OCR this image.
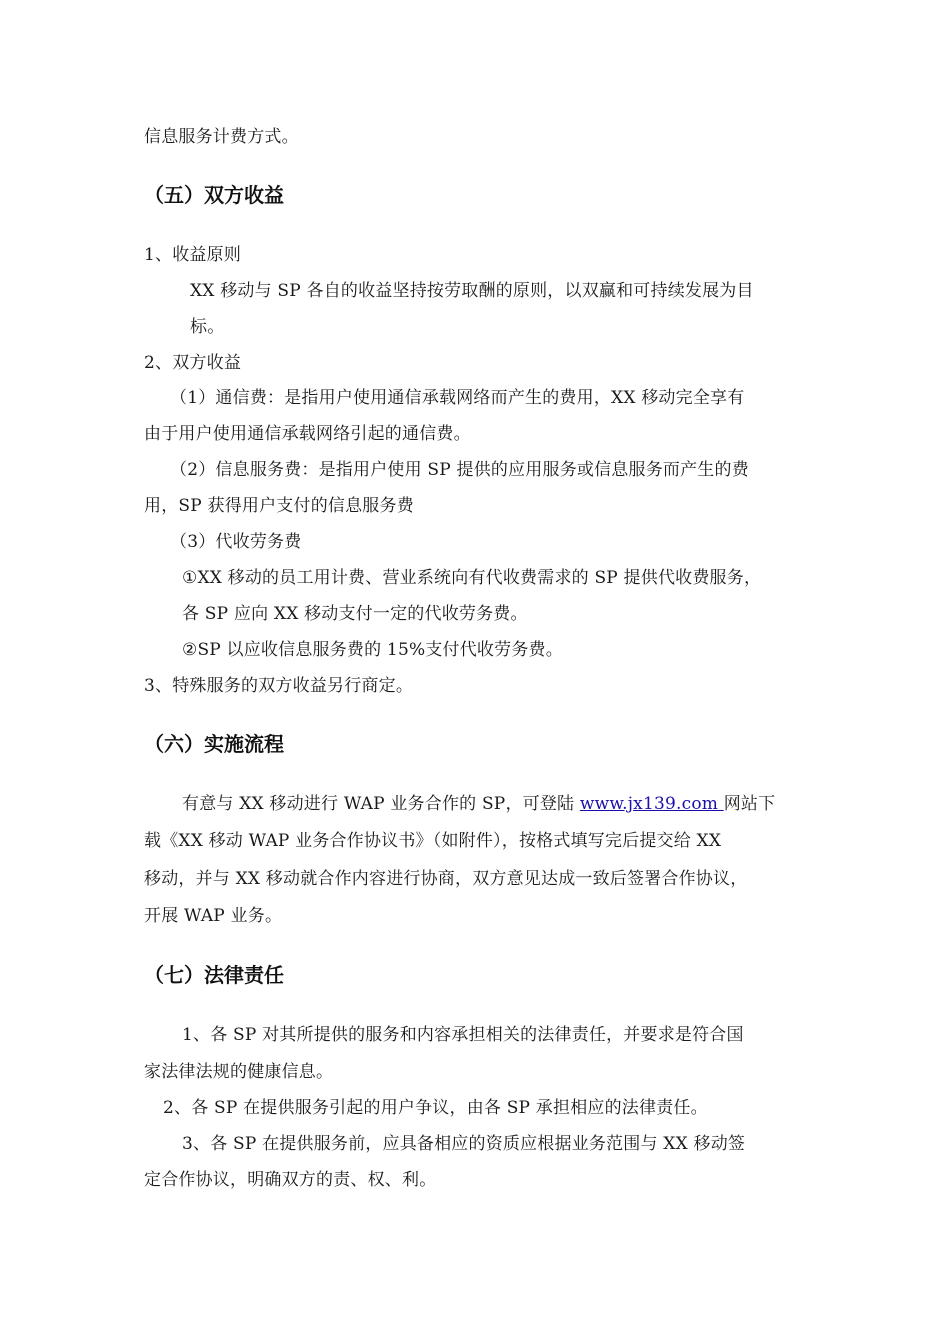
信息服务计费方式。
（五）双方收益
1、收益原则
XX 移动与 SP 各自的收益坚持按劳取酬的原则，以双赢和可持续发展为目
标。
2、双方收益
（1）通信费：是指用户使用通信承载网络而产生的费用，XX 移动完全享有
由于用户使用通信承载网络引起的通信费。
（2）信息服务费：是指用户使用 SP 提供的应用服务或信息服务而产生的费
用，SP 获得用户支付的信息服务费
（3）代收劳务费
①XX 移动的员工用计费、营业系统向有代收费需求的 SP 提供代收费服务，
各 SP 应向 XX 移动支付一定的代收劳务费。
②SP 以应收信息服务费的 15%支付代收劳务费。
3、特殊服务的双方收益另行商定。
（六）实施流程
有意与 XX 移动进行 WAP 业务合作的 SP，可登陆 www.jx139.com 网站下
载《XX 移动 WAP 业务合作协议书》（如附件），按格式填写完后提交给 XX
移动，并与 XX 移动就合作内容进行协商，双方意见达成一致后签署合作协议，
开展 WAP 业务。
（七）法律责任
1、各 SP 对其所提供的服务和内容承担相关的法律责任，并要求是符合国
家法律法规的健康信息。
2、各 SP 在提供服务引起的用户争议，由各 SP 承担相应的法律责任。
3、各 SP 在提供服务前，应具备相应的资质应根据业务范围与 XX 移动签
定合作协议，明确双方的责、权、利。
